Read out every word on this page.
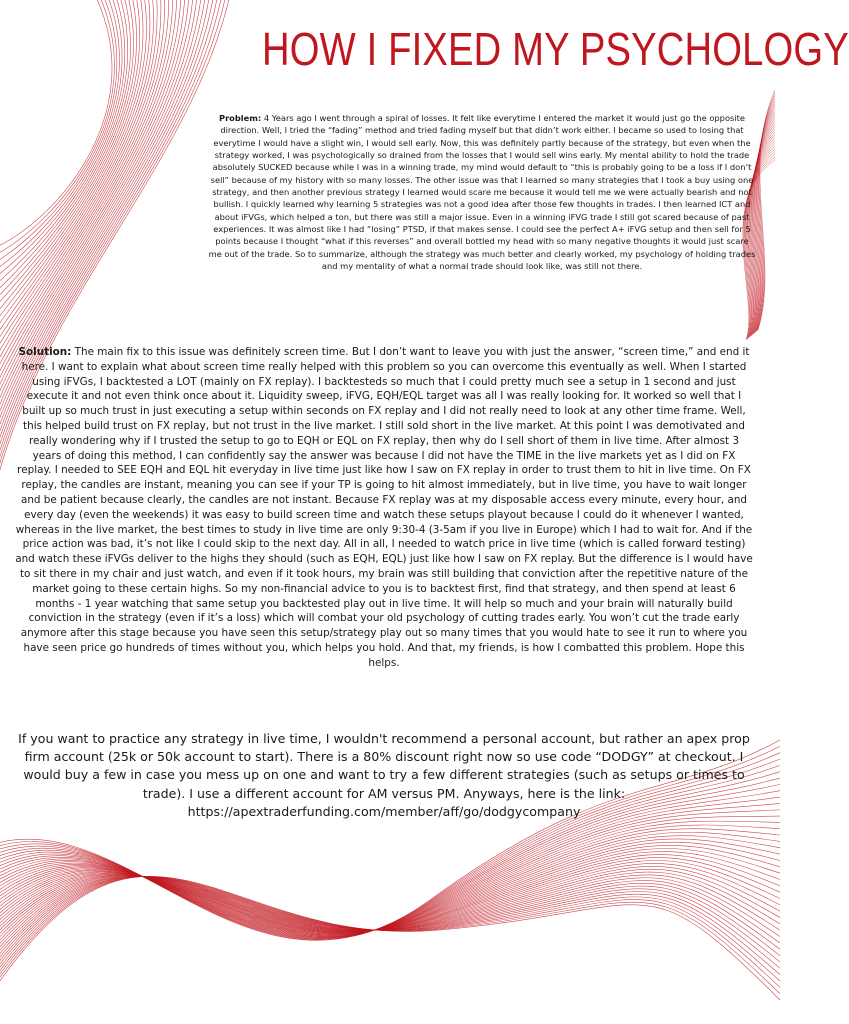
HOW I FIXED MY PSYCHOLOGY

Problem: 4 Years ago I went through a spiral of losses. It felt like everytime I entered the market it would just go the opposite direction. Well, I tried the “fading” method and tried fading myself but that didn’t work either. I became so used to losing that everytime I would have a slight win, I would sell early. Now, this was definitely partly because of the strategy, but even when the strategy worked, I was psychologically so drained from the losses that I would sell wins early. My mental ability to hold the trade absolutely SUCKED because while I was in a winning trade, my mind would default to “this is probably going to be a loss if I don’t sell” because of my history with so many losses. The other issue was that I learned so many strategies that I took a buy using one strategy, and then another previous strategy I learned would scare me because it would tell me we were actually bearish and not bullish. I quickly learned why learning 5 strategies was not a good idea after those few thoughts in trades. I then learned ICT and about iFVGs, which helped a ton, but there was still a major issue. Even in a winning iFVG trade I still got scared because of past experiences. It was almost like I had “losing” PTSD, if that makes sense. I could see the perfect A+ iFVG setup and then sell for 5 points because I thought “what if this reverses” and overall bottled my head with so many negative thoughts it would just scare me out of the trade. So to summarize, although the strategy was much better and clearly worked, my psychology of holding trades and my mentality of what a normal trade should look like, was still not there.

Solution: The main fix to this issue was definitely screen time. But I don’t want to leave you with just the answer, “screen time,” and end it here. I want to explain what about screen time really helped with this problem so you can overcome this eventually as well. When I started using iFVGs, I backtested a LOT (mainly on FX replay). I backtesteds so much that I could pretty much see a setup in 1 second and just execute it and not even think once about it. Liquidity sweep, iFVG, EQH/EQL target was all I was really looking for. It worked so well that I built up so much trust in just executing a setup within seconds on FX replay and I did not really need to look at any other time frame. Well, this helped build trust on FX replay, but not trust in the live market. I still sold short in the live market. At this point I was demotivated and really wondering why if I trusted the setup to go to EQH or EQL on FX replay, then why do I sell short of them in live time. After almost 3 years of doing this method, I can confidently say the answer was because I did not have the TIME in the live markets yet as I did on FX replay. I needed to SEE EQH and EQL hit everyday in live time just like how I saw on FX replay in order to trust them to hit in live time. On FX replay, the candles are instant, meaning you can see if your TP is going to hit almost immediately, but in live time, you have to wait longer and be patient because clearly, the candles are not instant. Because FX replay was at my disposable access every minute, every hour, and every day (even the weekends) it was easy to build screen time and watch these setups playout because I could do it whenever I wanted, whereas in the live market, the best times to study in live time are only 9:30-4 (3-5am if you live in Europe) which I had to wait for. And if the price action was bad, it’s not like I could skip to the next day. All in all, I needed to watch price in live time (which is called forward testing) and watch these iFVGs deliver to the highs they should (such as EQH, EQL) just like how I saw on FX replay. But the difference is I would have to sit there in my chair and just watch, and even if it took hours, my brain was still building that conviction after the repetitive nature of the market going to these certain highs. So my non-financial advice to you is to backtest first, find that strategy, and then spend at least 6 months - 1 year watching that same setup you backtested play out in live time. It will help so much and your brain will naturally build conviction in the strategy (even if it’s a loss) which will combat your old psychology of cutting trades early. You won’t cut the trade early anymore after this stage because you have seen this setup/strategy play out so many times that you would hate to see it run to where you have seen price go hundreds of times without you, which helps you hold. And that, my friends, is how I combatted this problem. Hope this helps.

If you want to practice any strategy in live time, I wouldn't recommend a personal account, but rather an apex prop firm account (25k or 50k account to start). There is a 80% discount right now so use code “DODGY” at checkout. I would buy a few in case you mess up on one and want to try a few different strategies (such as setups or times to trade). I use a different account for AM versus PM. Anyways, here is the link:
https://apextraderfunding.com/member/aff/go/dodgycompany
